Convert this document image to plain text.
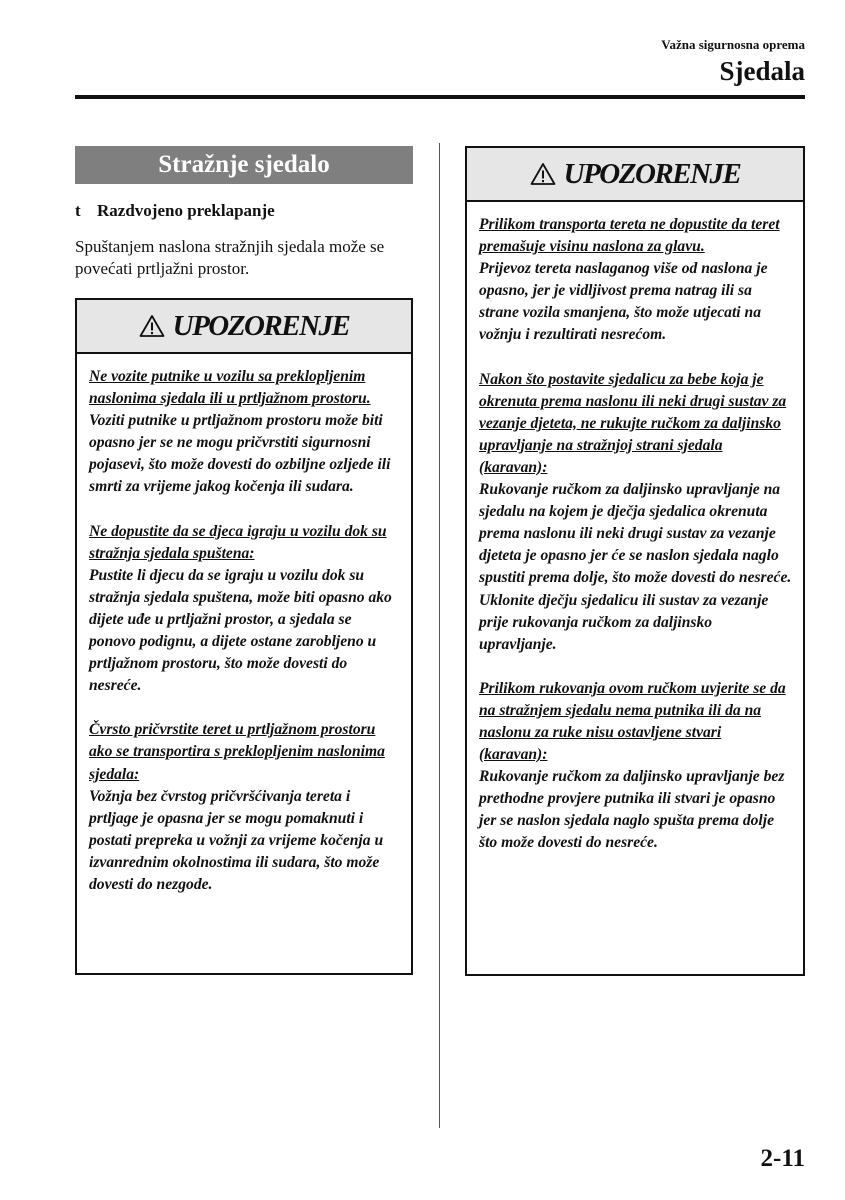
Važna sigurnosna oprema
Sjedala
Stražnje sjedalo
t Razdvojeno preklapanje
Spuštanjem naslona stražnjih sjedala može se povećati prtljažni prostor.
UPOZORENJE
Ne vozite putnike u vozilu sa preklopljenim naslonima sjedala ili u prtljažnom prostoru.
Voziti putnike u prtljažnom prostoru može biti opasno jer se ne mogu pričvrstiti sigurnosni pojasevi, što može dovesti do ozbiljne ozljede ili smrti za vrijeme jakog kočenja ili sudara.
Ne dopustite da se djeca igraju u vozilu dok su stražnja sjedala spuštena:
Pustite li djecu da se igraju u vozilu dok su stražnja sjedala spuštena, može biti opasno ako dijete uđe u prtljažni prostor, a sjedala se ponovo podignu, a dijete ostane zarobljeno u prtljažnom prostoru, što može dovesti do nesreće.
Čvrsto pričvrstite teret u prtljažnom prostoru ako se transportira s preklopljenim naslonima sjedala:
Vožnja bez čvrstog pričvršćivanja tereta i prtljage je opasna jer se mogu pomaknuti i postati prepreka u vožnji za vrijeme kočenja u izvanrednim okolnostima ili sudara, što može dovesti do nezgode.
UPOZORENJE
Prilikom transporta tereta ne dopustite da teret premašuje visinu naslona za glavu.
Prijevoz tereta naslaganog više od naslona je opasno, jer je vidljivost prema natrag ili sa strane vozila smanjena, što može utjecati na vožnju i rezultirati nesrećom.
Nakon što postavite sjedalicu za bebe koja je okrenuta prema naslonu ili neki drugi sustav za vezanje djeteta, ne rukujte ručkom za daljinsko upravljanje na stražnjoj strani sjedala (karavan):
Rukovanje ručkom za daljinsko upravljanje na sjedalu na kojem je dječja sjedalica okrenuta prema naslonu ili neki drugi sustav za vezanje djeteta je opasno jer će se naslon sjedala naglo spustiti prema dolje, što može dovesti do nesreće. Uklonite dječju sjedalicu ili sustav za vezanje prije rukovanja ručkom za daljinsko upravljanje.
Prilikom rukovanja ovom ručkom uvjerite se da na stražnjem sjedalu nema putnika ili da na naslonu za ruke nisu ostavljene stvari (karavan):
Rukovanje ručkom za daljinsko upravljanje bez prethodne provjere putnika ili stvari je opasno jer se naslon sjedala naglo spušta prema dolje što može dovesti do nesreće.
2-11
